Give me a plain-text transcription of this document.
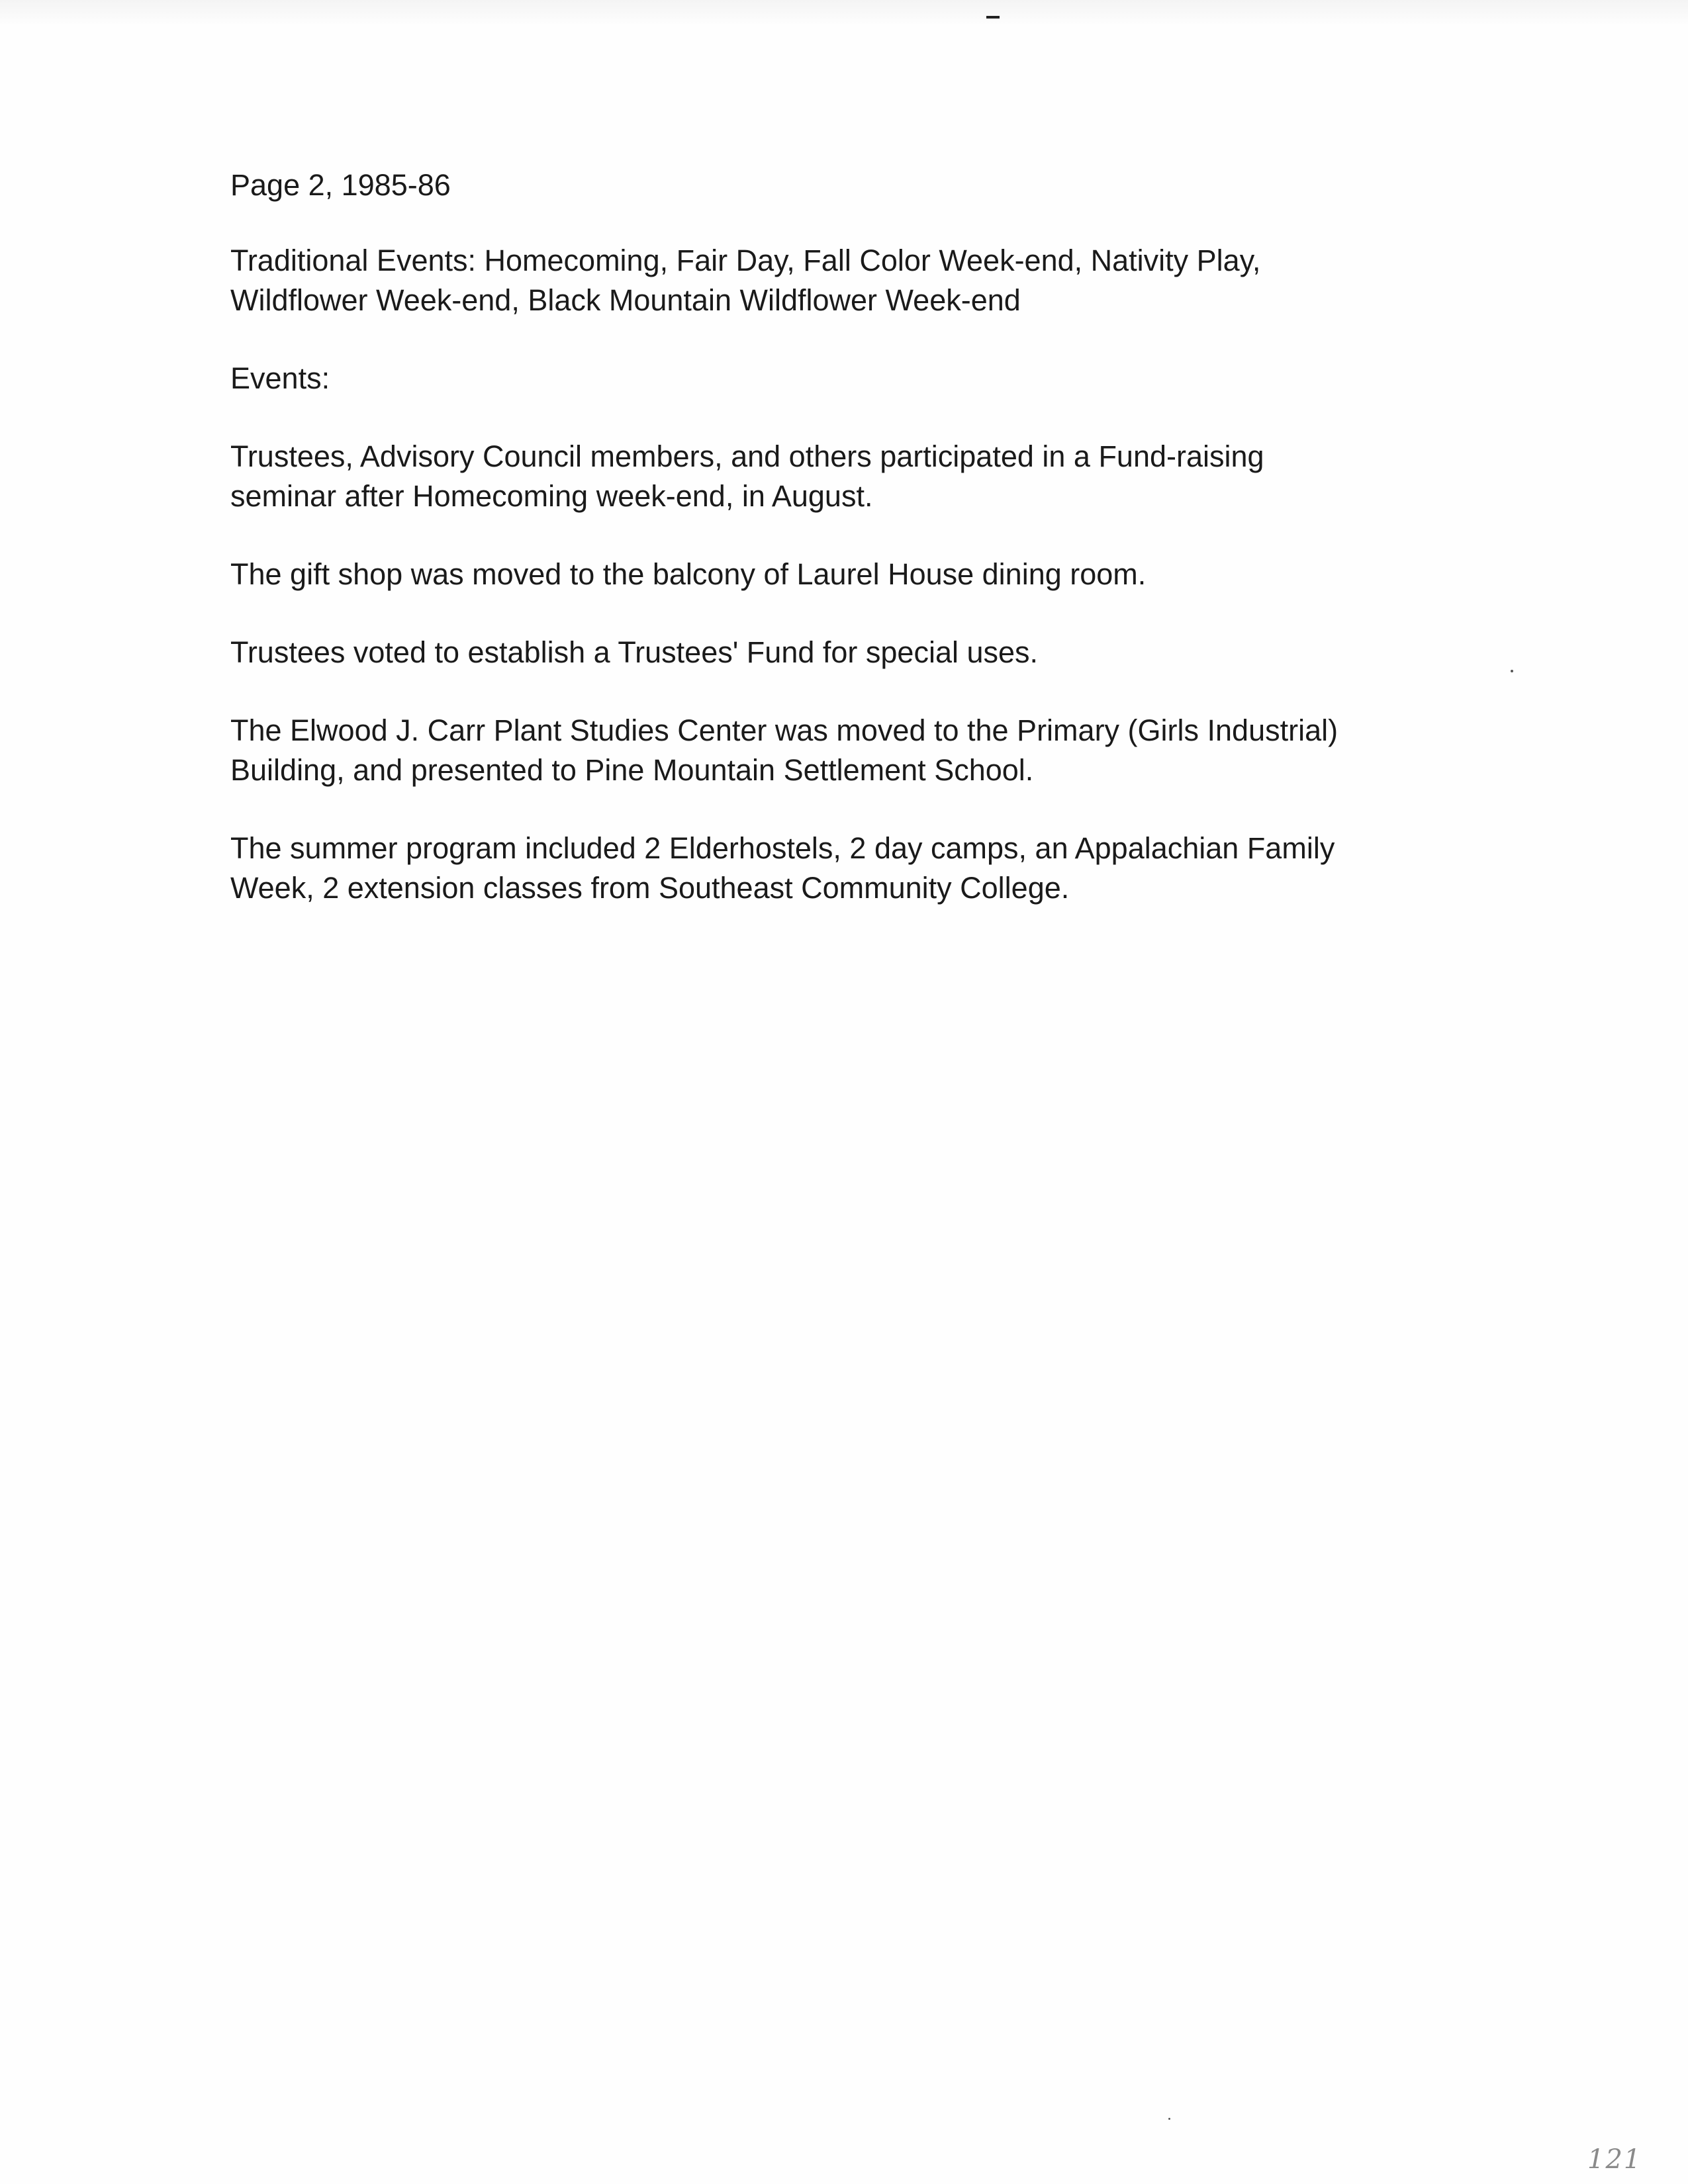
Page 2, 1985-86

Traditional Events: Homecoming, Fair Day, Fall Color Week-end, Nativity Play,
Wildflower Week-end, Black Mountain Wildflower Week-end

Events:

Trustees, Advisory Council members, and others participated in a Fund-raising
seminar after Homecoming week-end, in August.

The gift shop was moved to the balcony of Laurel House dining room.

Trustees voted to establish a Trustees' Fund for special uses.

The Elwood J. Carr Plant Studies Center was moved to the Primary (Girls Industrial)
Building, and presented to Pine Mountain Settlement School.

The summer program included 2 Elderhostels, 2 day camps, an Appalachian Family
Week, 2 extension classes from Southeast Community College.

121
